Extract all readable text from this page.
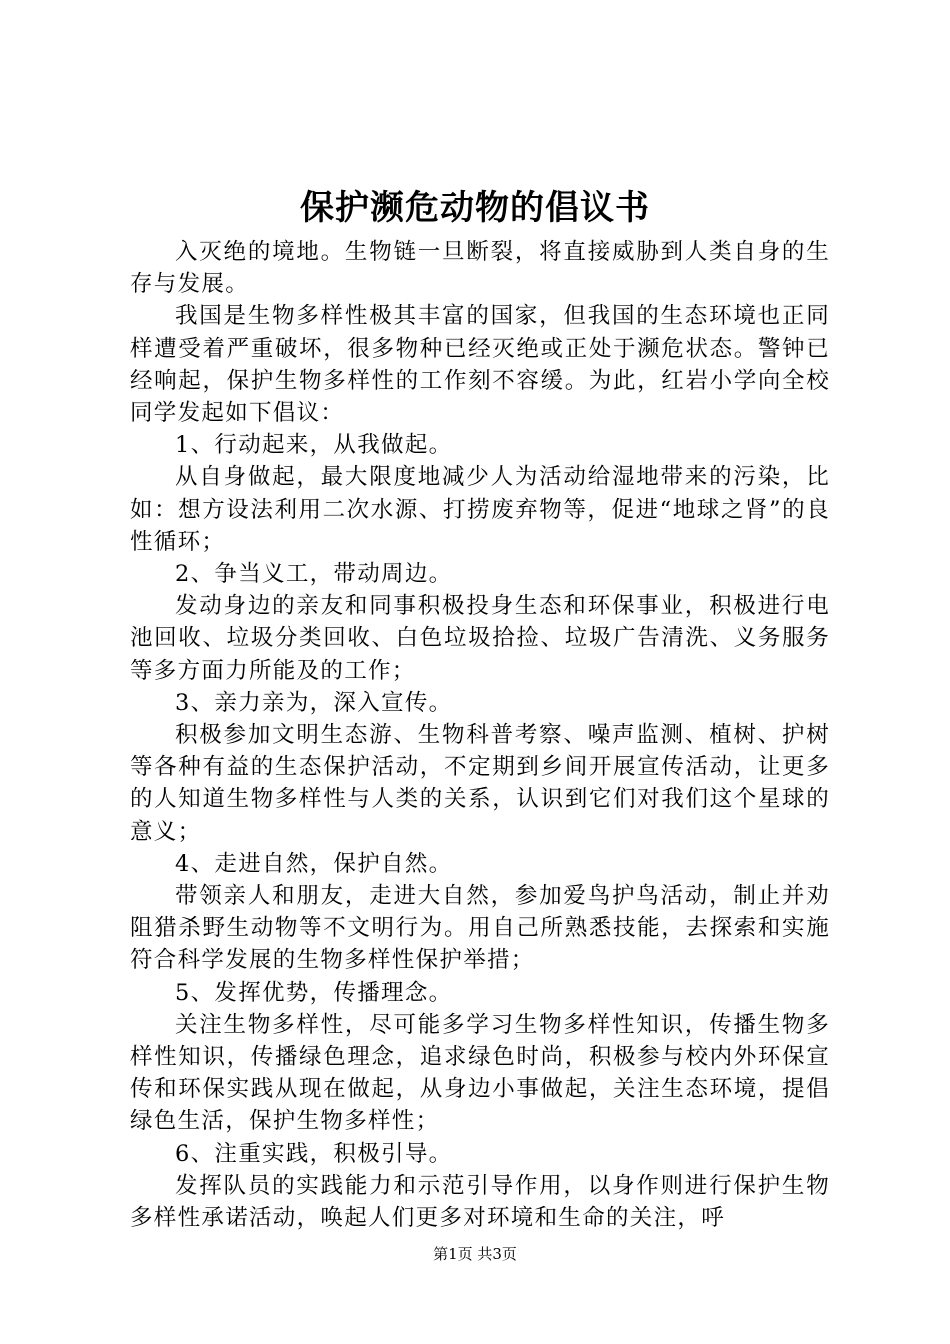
保护濒危动物的倡议书

入灭绝的境地。生物链一旦断裂，将直接威胁到人类自身的生存与发展。

我国是生物多样性极其丰富的国家，但我国的生态环境也正同样遭受着严重破坏，很多物种已经灭绝或正处于濒危状态。警钟已经响起，保护生物多样性的工作刻不容缓。为此，红岩小学向全校同学发起如下倡议：

1、行动起来，从我做起。

从自身做起，最大限度地减少人为活动给湿地带来的污染，比如：想方设法利用二次水源、打捞废弃物等，促进“地球之肾”的良性循环；

2、争当义工，带动周边。

发动身边的亲友和同事积极投身生态和环保事业，积极进行电池回收、垃圾分类回收、白色垃圾拾捡、垃圾广告清洗、义务服务等多方面力所能及的工作；

3、亲力亲为，深入宣传。

积极参加文明生态游、生物科普考察、噪声监测、植树、护树等各种有益的生态保护活动，不定期到乡间开展宣传活动，让更多的人知道生物多样性与人类的关系，认识到它们对我们这个星球的意义；

4、走进自然，保护自然。

带领亲人和朋友，走进大自然，参加爱鸟护鸟活动，制止并劝阻猎杀野生动物等不文明行为。用自己所熟悉技能，去探索和实施符合科学发展的生物多样性保护举措；

5、发挥优势，传播理念。

关注生物多样性，尽可能多学习生物多样性知识，传播生物多样性知识，传播绿色理念，追求绿色时尚，积极参与校内外环保宣传和环保实践从现在做起，从身边小事做起，关注生态环境，提倡绿色生活，保护生物多样性；

6、注重实践，积极引导。

发挥队员的实践能力和示范引导作用，以身作则进行保护生物多样性承诺活动，唤起人们更多对环境和生命的关注，呼

第1页 共3页
